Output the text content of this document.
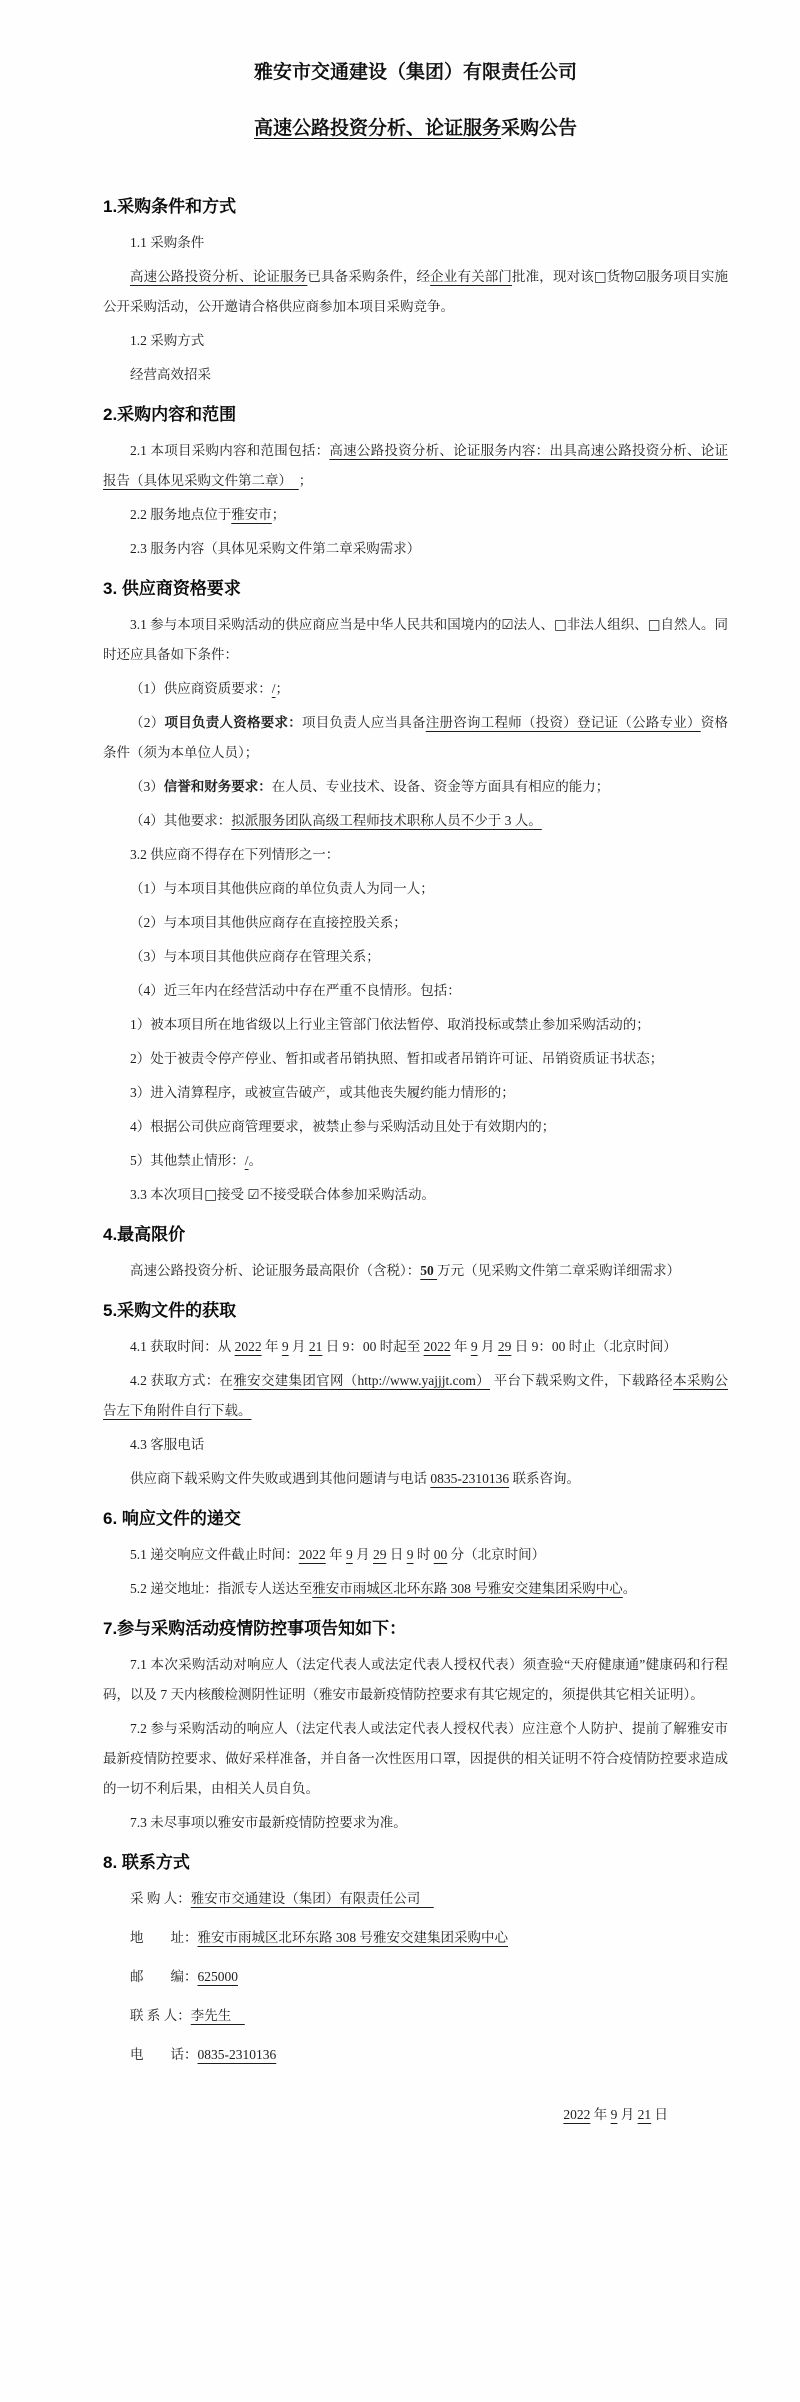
雅安市交通建设（集团）有限责任公司
高速公路投资分析、论证服务采购公告
1.采购条件和方式

1.1 采购条件

高速公路投资分析、论证服务已具备采购条件，经企业有关部门批准，现对该□货物☑服务项目实施公开采购活动，公开邀请合格供应商参加本项目采购竞争。

1.2 采购方式

经营高效招采

2.采购内容和范围

2.1 本项目采购内容和范围包括：高速公路投资分析、论证服务内容：出具高速公路投资分析、论证报告（具体见采购文件第二章）　；

2.2 服务地点位于雅安市；

2.3 服务内容（具体见采购文件第二章采购需求）

3. 供应商资格要求

3.1 参与本项目采购活动的供应商应当是中华人民共和国境内的☑法人、□非法人组织、□自然人。同时还应具备如下条件：

（1）供应商资质要求：/；

（2）项目负责人资格要求：项目负责人应当具备注册咨询工程师（投资）登记证（公路专业）资格条件（须为本单位人员）；

（3）信誉和财务要求：在人员、专业技术、设备、资金等方面具有相应的能力；

（4）其他要求：拟派服务团队高级工程师技术职称人员不少于 3 人。

3.2 供应商不得存在下列情形之一：

（1）与本项目其他供应商的单位负责人为同一人；

（2）与本项目其他供应商存在直接控股关系；

（3）与本项目其他供应商存在管理关系；

（4）近三年内在经营活动中存在严重不良情形。包括：

1）被本项目所在地省级以上行业主管部门依法暂停、取消投标或禁止参加采购活动的；

2）处于被责令停产停业、暂扣或者吊销执照、暂扣或者吊销许可证、吊销资质证书状态；

3）进入清算程序，或被宣告破产，或其他丧失履约能力情形的；

4）根据公司供应商管理要求，被禁止参与采购活动且处于有效期内的；

5）其他禁止情形：/。

3.3 本次项目□接受 ☑不接受联合体参加采购活动。

4.最高限价

高速公路投资分析、论证服务最高限价（含税）：50 万元（见采购文件第二章采购详细需求）

5.采购文件的获取

4.1 获取时间：从 2022 年 9 月 21 日 9：00 时起至 2022 年 9 月 29 日 9：00 时止（北京时间）

4.2 获取方式：在雅安交建集团官网（http://www.yajjjt.com） 平台下载采购文件，下载路径本采购公告左下角附件自行下载。

4.3 客服电话

供应商下载采购文件失败或遇到其他问题请与电话 0835-2310136 联系咨询。

6. 响应文件的递交

5.1 递交响应文件截止时间：2022 年 9 月 29 日 9 时 00 分（北京时间）

5.2 递交地址：指派专人送达至雅安市雨城区北环东路 308 号雅安交建集团采购中心。

7.参与采购活动疫情防控事项告知如下：

7.1 本次采购活动对响应人（法定代表人或法定代表人授权代表）须查验“天府健康通”健康码和行程码，以及 7 天内核酸检测阴性证明（雅安市最新疫情防控要求有其它规定的，须提供其它相关证明）。

7.2 参与采购活动的响应人（法定代表人或法定代表人授权代表）应注意个人防护、提前了解雅安市最新疫情防控要求、做好采样准备，并自备一次性医用口罩，因提供的相关证明不符合疫情防控要求造成的一切不利后果，由相关人员自负。

7.3 未尽事项以雅安市最新疫情防控要求为准。

8. 联系方式

采 购 人：雅安市交通建设（集团）有限责任公司　

地　　址：雅安市雨城区北环东路 308 号雅安交建集团采购中心

邮　　编：625000

联 系 人：李先生　

电　　话：0835-2310136

2022 年 9 月 21 日
